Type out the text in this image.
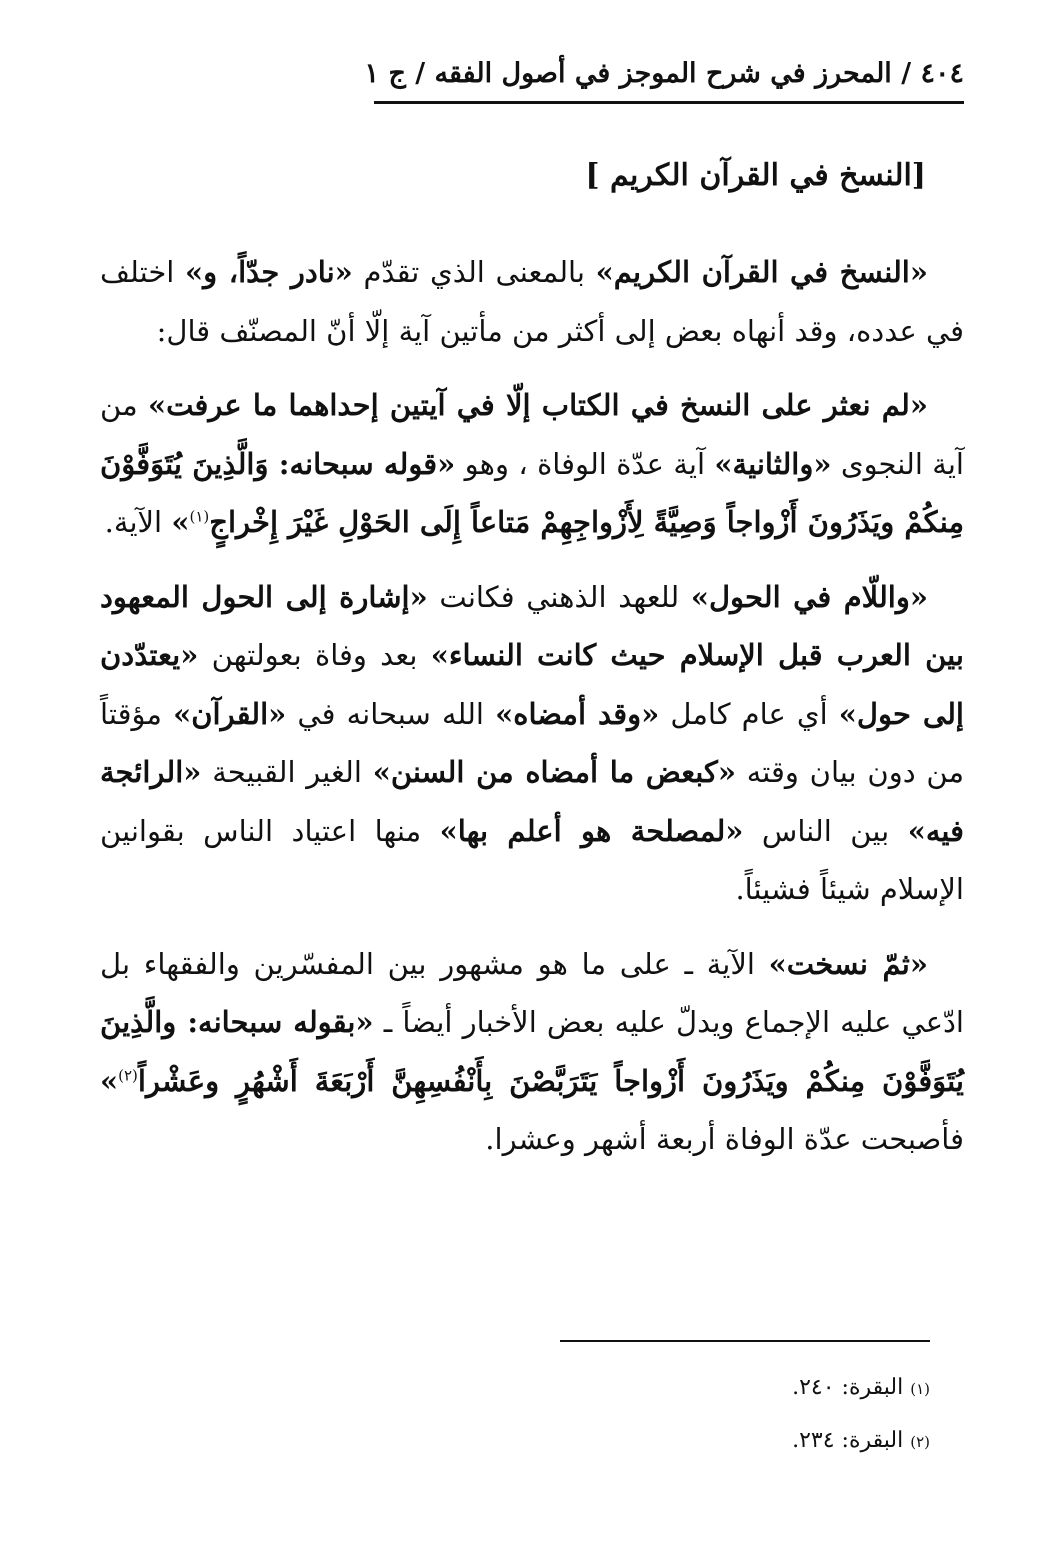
٤٠٤ / المحرز في شرح الموجز في أصول الفقه / ج ١
[النسخ في القرآن الكريم ]

«النسخ في القرآن الكريم» بالمعنى الذي تقدّم «نادر جدّاً، و» اختلف في عدده، وقد أنهاه بعض إلى أكثر من مأتين آية إلّا أنّ المصنّف قال:

«لم نعثر على النسخ في الكتاب إلّا في آيتين إحداهما ما عرفت» من آية النجوى «والثانية» آية عدّة الوفاة ، وهو «قوله سبحانه: وَالَّذِينَ يُتَوَفَّوْنَ مِنكُمْ ويَذَرُونَ أَزْواجاً وَصِيَّةً لِأَزْواجِهِمْ مَتاعاً إِلَى الحَوْلِ غَيْرَ إِخْراجٍ$^{(١)}$» الآية.

«واللّام في الحول» للعهد الذهني فكانت «إشارة إلى الحول المعهود بين العرب قبل الإسلام حيث كانت النساء» بعد وفاة بعولتهن «يعتدّدن إلى حول» أي عام كامل «وقد أمضاه» الله سبحانه في «القرآن» مؤقتاً من دون بيان وقته «كبعض ما أمضاه من السنن» الغير القبيحة «الرائجة فيه» بين الناس «لمصلحة هو أعلم بها» منها اعتياد الناس بقوانين الإسلام شيئاً فشيئاً.

«ثمّ نسخت» الآية ـ على ما هو مشهور بين المفسّرين والفقهاء بل ادّعي عليه الإجماع ويدلّ عليه بعض الأخبار أيضاً ـ «بقوله سبحانه: والَّذِينَ يُتَوَفَّوْنَ مِنكُمْ ويَذَرُونَ أَزْواجاً يَتَرَبَّصْنَ بِأَنْفُسِهِنَّ أَرْبَعَةَ أَشْهُرٍ وعَشْراً$^{(٢)}$» فأصبحت عدّة الوفاة أربعة أشهر وعشرا.

(١) البقرة: ٢٤٠.
(٢) البقرة: ٢٣٤.
